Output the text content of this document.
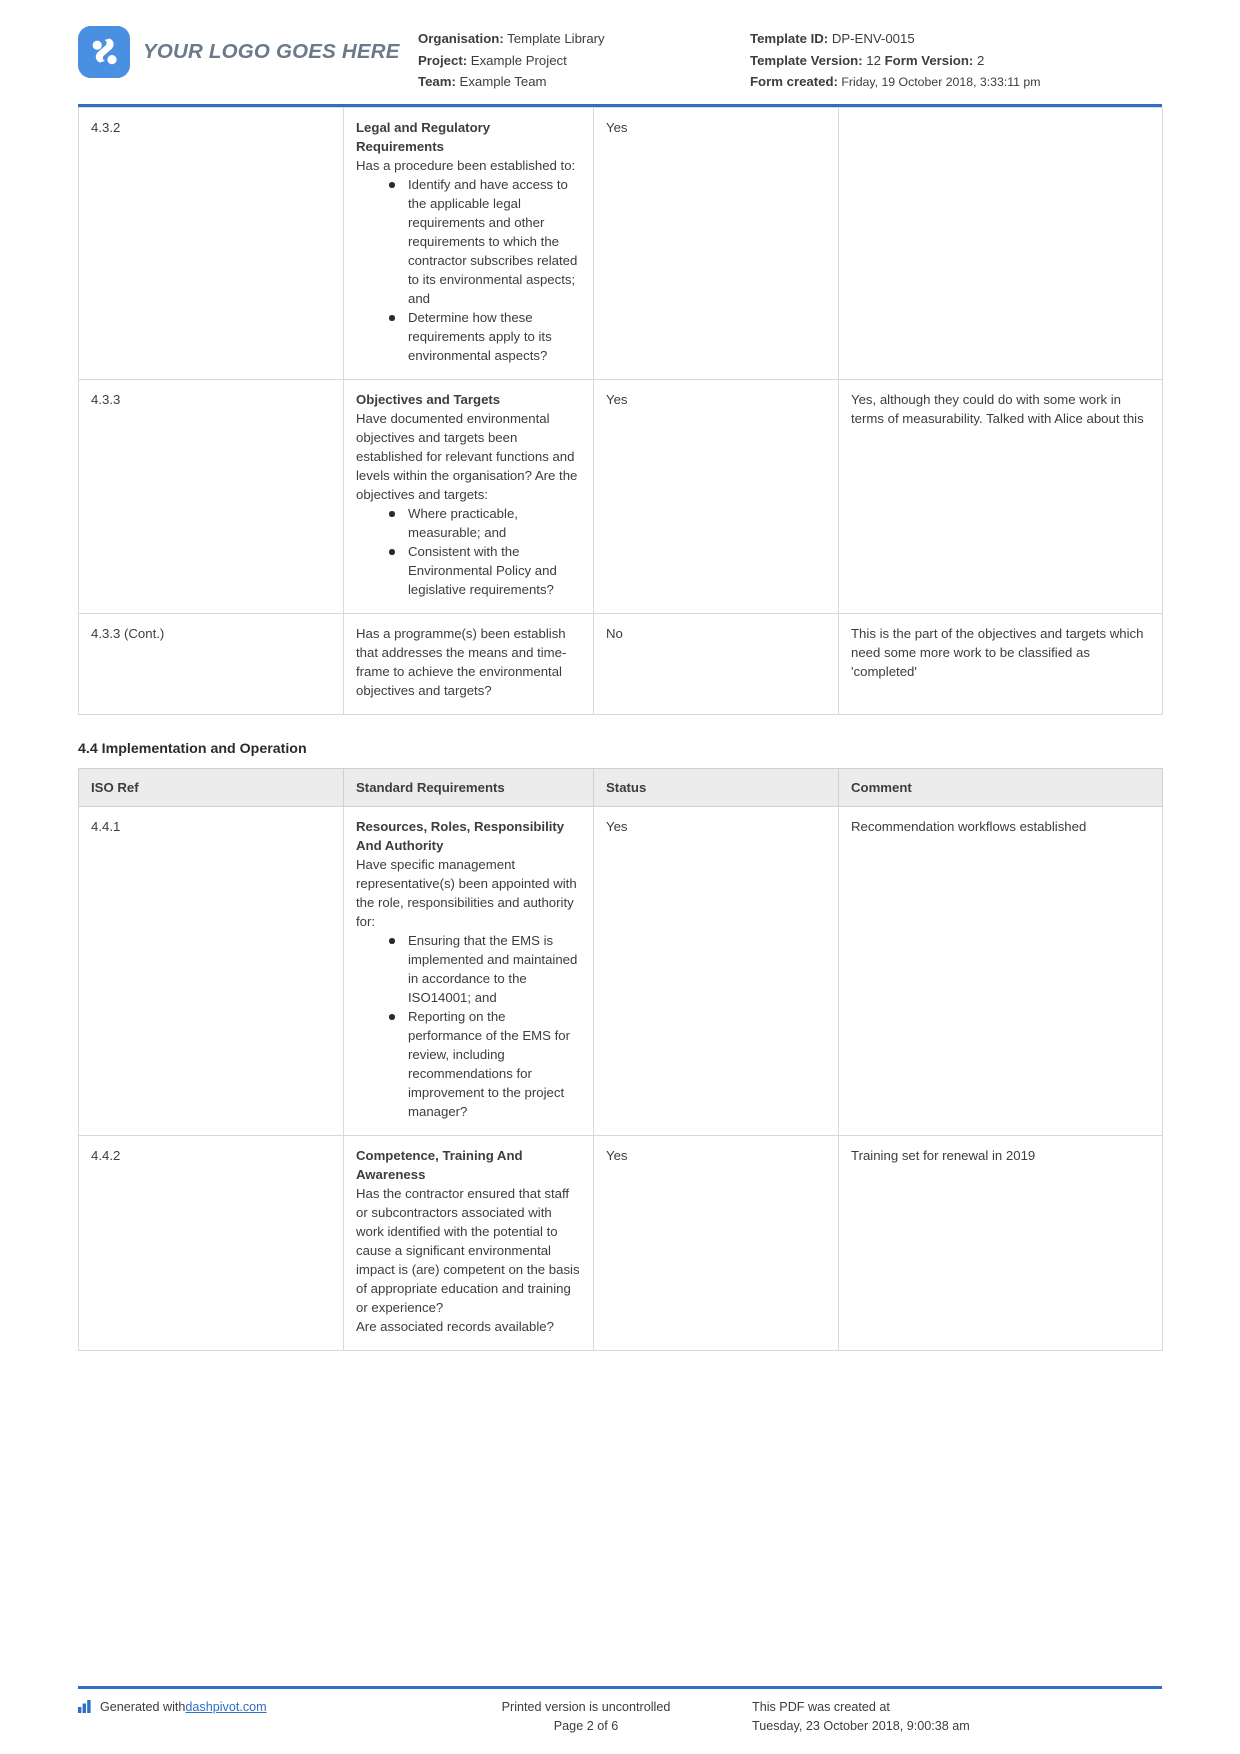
YOUR LOGO GOES HERE
Organisation: Template Library
Project: Example Project
Team: Example Team
Template ID: DP-ENV-0015
Template Version: 12 Form Version: 2
Form created: Friday, 19 October 2018, 3:33:11 pm
4.3.2	Legal and Regulatory Requirements
Has a procedure been established to:
Identify and have access to the applicable legal requirements and other requirements to which the contractor subscribes related to its environmental aspects; and
Determine how these requirements apply to its environmental aspects?
	Yes	
4.3.3	Objectives and Targets
Have documented environmental objectives and targets been established for relevant functions and levels within the organisation? Are the objectives and targets:
Where practicable, measurable; and
Consistent with the Environmental Policy and legislative requirements?
	Yes	Yes, although they could do with some work in terms of measurability. Talked with Alice about this
4.3.3 (Cont.)	Has a programme(s) been establish that addresses the means and time-frame to achieve the environmental objectives and targets?	No	This is the part of the objectives and targets which need some more work to be classified as 'completed'
4.4 Implementation and Operation
ISO Ref	Standard Requirements	Status	Comment
4.4.1	Resources, Roles, Responsibility And Authority
Have specific management representative(s) been appointed with the role, responsibilities and authority for:
Ensuring that the EMS is implemented and maintained in accordance to the ISO14001; and
Reporting on the performance of the EMS for review, including recommendations for improvement to the project manager?
	Yes	Recommendation workflows established
4.4.2	Competence, Training And Awareness
Has the contractor ensured that staff or subcontractors associated with work identified with the potential to cause a significant environmental impact is (are) competent on the basis of appropriate education and training or experience?
Are associated records available?	Yes	Training set for renewal in 2019
Generated with dashpivot.com	Printed version is uncontrolled
Page 2 of 6
This PDF was created at
Tuesday, 23 October 2018, 9:00:38 am
